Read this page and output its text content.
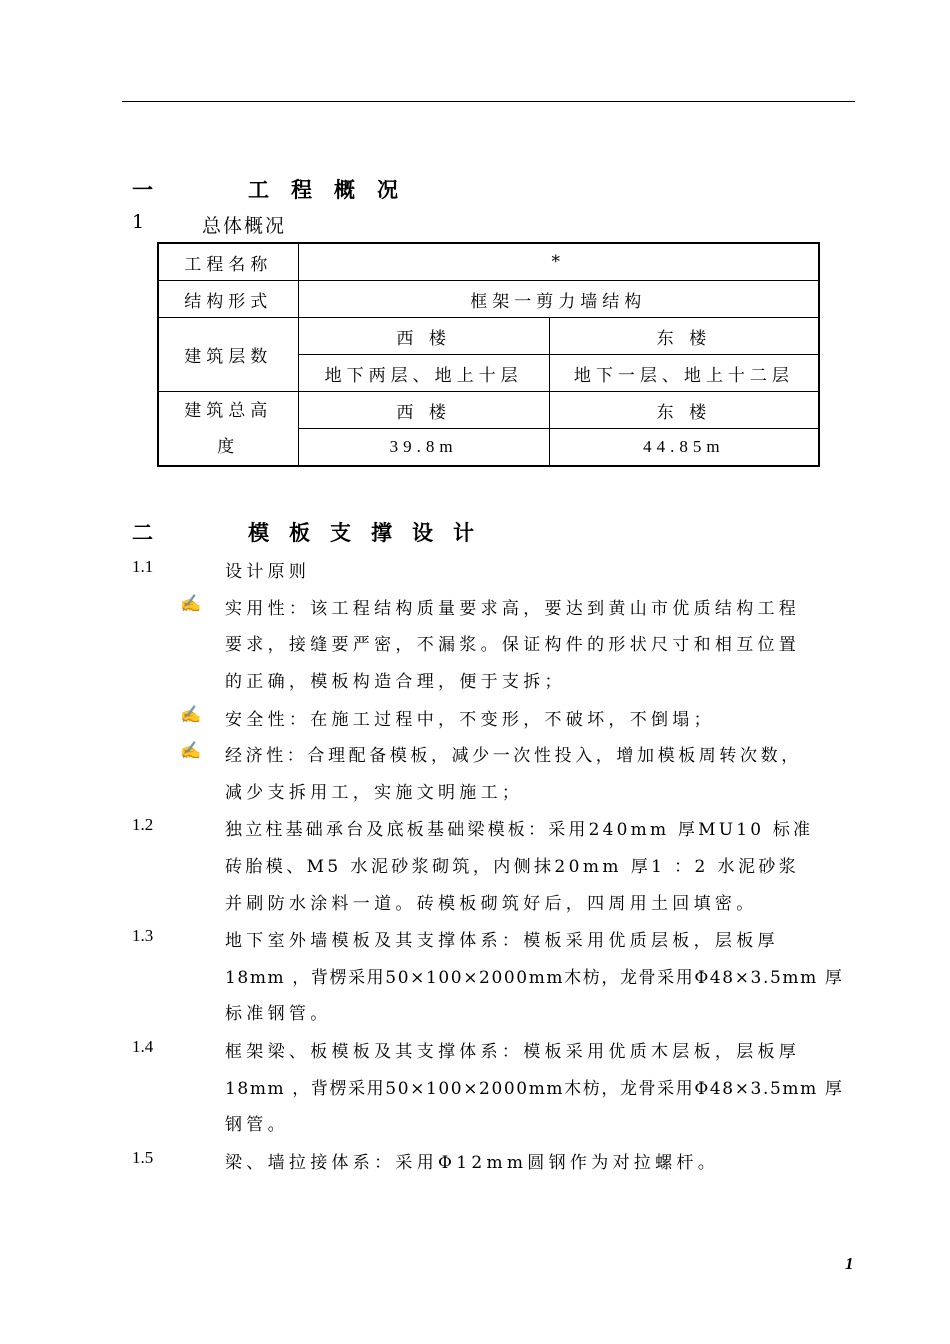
一	工程概况
1	总体概况
工程名称	*	
结构形式	框架一剪力墙结构	
建筑层数	西 楼	东 楼
	地下两层、地上十层	地下一层、地上十二层

建筑总高
度	西 楼	东 楼
	39.8m	44.85m
二	模板支撑设计
1.1	设计原则
✍ 实用性：该工程结构质量要求高，要达到黄山市优质结构工程
要求，接缝要严密，不漏浆。保证构件的形状尺寸和相互位置
的正确，模板构造合理，便于支拆；
✍ 安全性：在施工过程中，不变形，不破坏，不倒塌；
✍ 经济性：合理配备模板，减少一次性投入，增加模板周转次数，
减少支拆用工，实施文明施工；
1.2	独立柱基础承台及底板基础梁模板：采用240mm 厚MU10 标准
砖胎模、M5 水泥砂浆砌筑，内侧抹20mm 厚1 ：2 水泥砂浆
并刷防水涂料一道。砖模板砌筑好后，四周用土回填密。
1.3	地下室外墙模板及其支撑体系：模板采用优质层板，层板厚
18mm ，背楞采用50×100×2000mm木枋，龙骨采用Φ48×3.5mm 厚
标准钢管。
1.4	框架梁、板模板及其支撑体系：模板采用优质木层板，层板厚
18mm ，背楞采用50×100×2000mm木枋，龙骨采用Φ48×3.5mm 厚
钢管。
1.5	梁、墙拉接体系：采用Φ12mm圆钢作为对拉螺杆。
1
